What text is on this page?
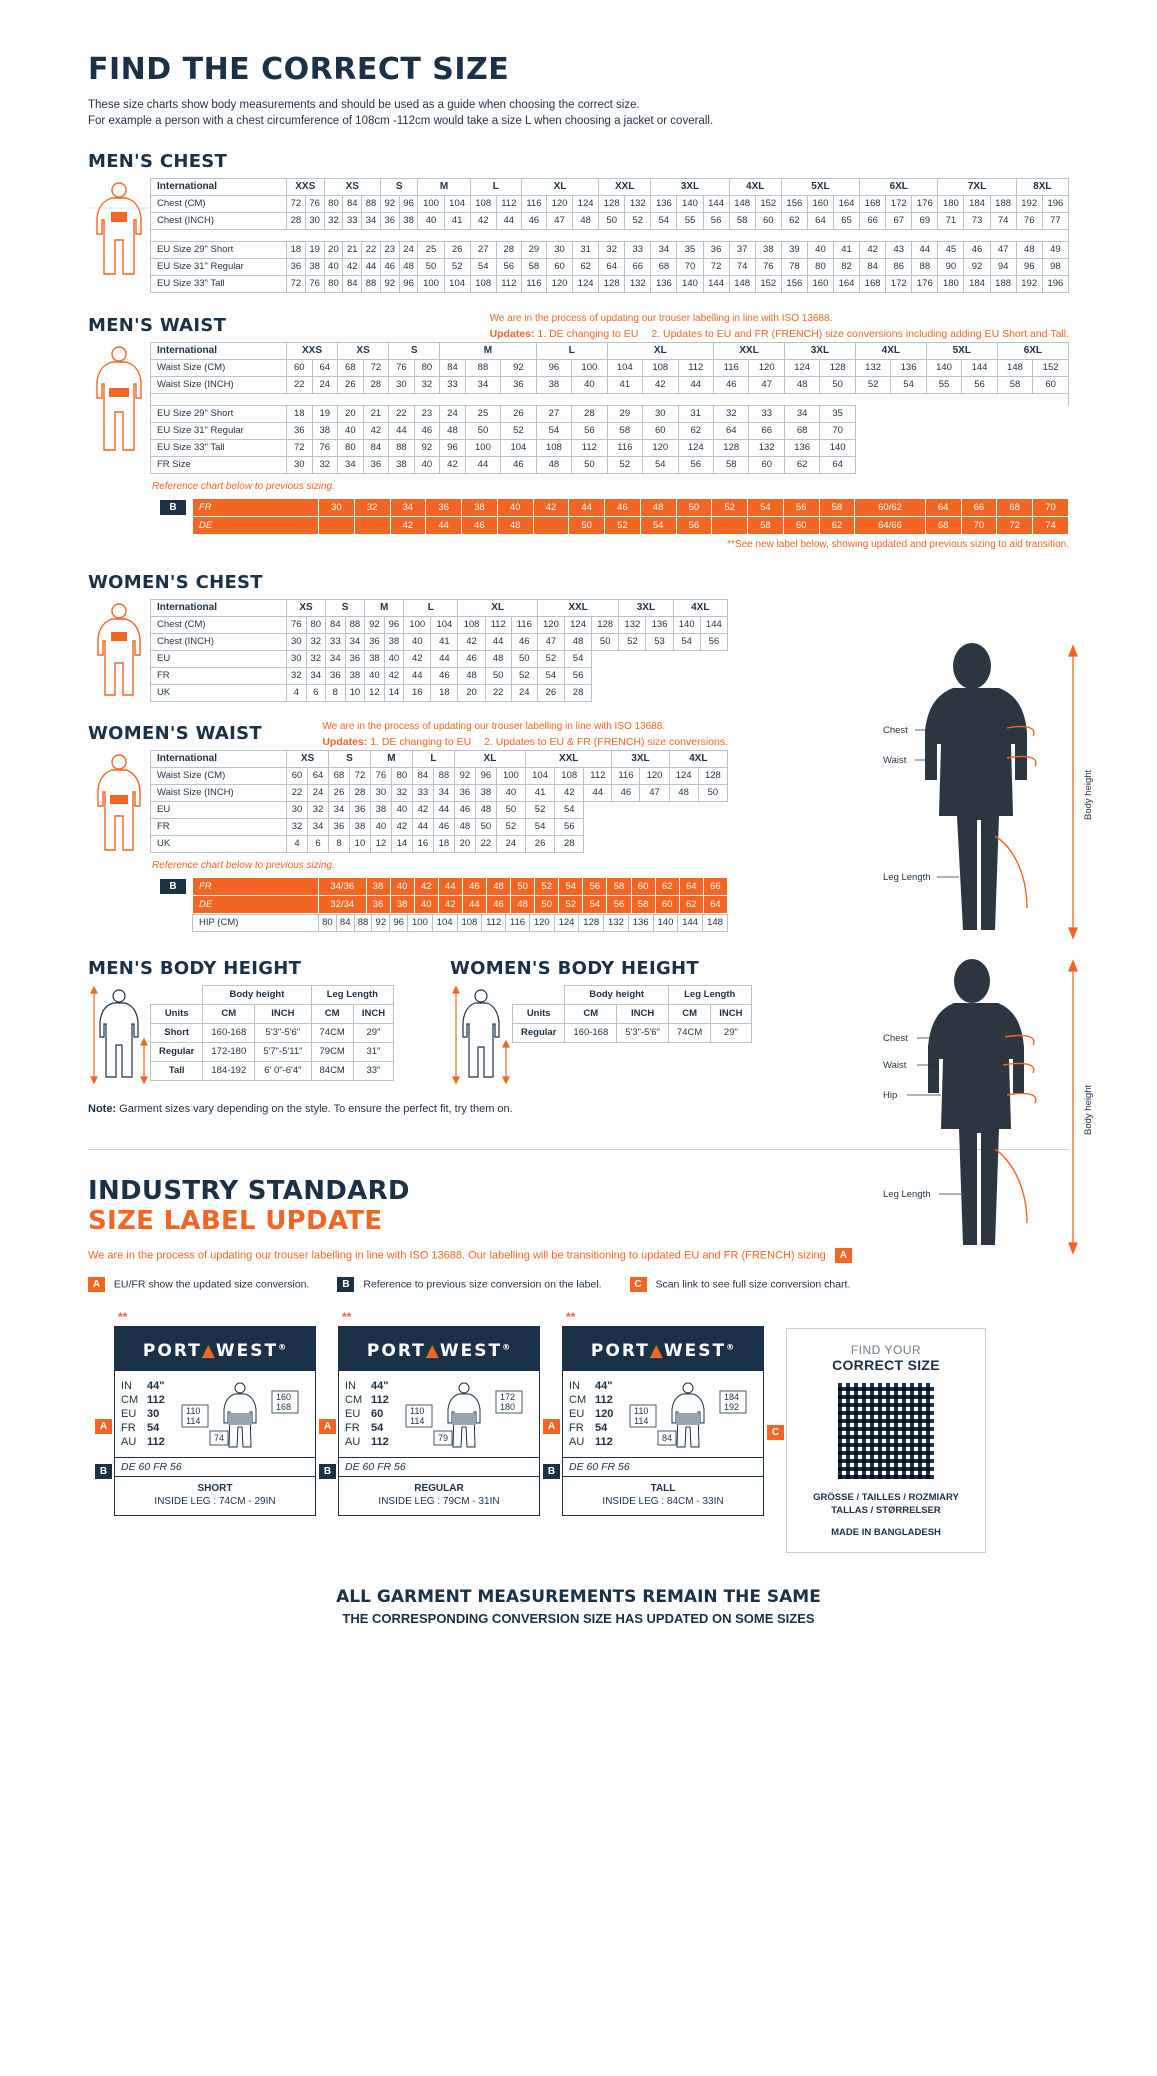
FIND THE CORRECT SIZE
These size charts show body measurements and should be used as a guide when choosing the correct size.
For example a person with a chest circumference of 108cm -112cm would take a size L when choosing a jacket or coverall.
MEN'S CHEST
International	XXS		XS			S		M		L		XL			XXL		3XL			4XL		5XL			6XL			7XL			8XL	
Chest (CM)	72	76	80	84	88	92	96	100	104	108	112	116	120	124	128	132	136	140	144	148	152	156	160	164	168	172	176	180	184	188	192	196
Chest (INCH)	28	30	32	33	34	36	38	40	41	42	44	46	47	48	50	52	54	55	56	58	60	62	64	65	66	67	69	71	73	74	76	77

EU Size 29" Short	18	19	20	21	22	23	24	25	26	27	28	29	30	31	32	33	34	35	36	37	38	39	40	41	42	43	44	45	46	47	48	49
EU Size 31" Regular	36	38	40	42	44	46	48	50	52	54	56	58	60	62	64	66	68	70	72	74	76	78	80	82	84	86	88	90	92	94	96	98
EU Size 33" Tall	72	76	80	84	88	92	96	100	104	108	112	116	120	124	128	132	136	140	144	148	152	156	160	164	168	172	176	180	184	188	192	196
MEN'S WAIST	We are in the process of updating our trouser labelling in line with ISO 13688.
Updates: 1. DE changing to EU 2. Updates to EU and FR (FRENCH) size conversions including adding EU Short and Tall.
International	XXS		XS		S		M			L		XL			XXL		3XL		4XL		5XL		6XL	
Waist Size (CM)	60	64	68	72	76	80	84	88	92	96	100	104	108	112	116	120	124	128	132	136	140	144	148	152
Waist Size (INCH)	22	24	26	28	30	32	33	34	36	38	40	41	42	44	46	47	48	50	52	54	55	56	58	60

EU Size 29" Short	18	19	20	21	22	23	24	25	26	27	28	29	30	31	32	33	34	35						
EU Size 31" Regular	36	38	40	42	44	46	48	50	52	54	56	58	60	62	64	66	68	70						
EU Size 33" Tall	72	76	80	84	88	92	96	100	104	108	112	116	120	124	128	132	136	140						
FR Size	30	32	34	36	38	40	42	44	46	48	50	52	54	56	58	60	62	64						
Reference chart below to previous sizing.
B	FR	30	32	34	36	38	40	42	44	46	48	50	52	54	56	58	60/62	64	66	68	70
DE			42	44	46	48		50	52	54	56		58	60	62	64/66	68	70	72	74
**See new label below, showing updated and previous sizing to aid transition.
WOMEN'S CHEST
International	XS		S		M		L		XL			XXL			3XL		4XL	
Chest (CM)	76	80	84	88	92	96	100	104	108	112	116	120	124	128	132	136	140	144
Chest (INCH)	30	32	33	34	36	38	40	41	42	44	46	47	48	50	52	53	54	56
EU	30	32	34	36	38	40	42	44	46	48	50	52	54					
FR	32	34	36	38	40	42	44	46	48	50	52	54	56					
UK	4	6	8	10	12	14	16	18	20	22	24	26	28					
WOMEN'S WAIST	We are in the process of updating our trouser labelling in line with ISO 13688.
Updates: 1. DE changing to EU 2. Updates to EU & FR (FRENCH) size conversions.
International	XS		S		M		L		XL			XXL			3XL		4XL	
Waist Size (CM)	60	64	68	72	76	80	84	88	92	96	100	104	108	112	116	120	124	128
Waist Size (INCH)	22	24	26	28	30	32	33	34	36	38	40	41	42	44	46	47	48	50
EU	30	32	34	36	38	40	42	44	46	48	50	52	54					
FR	32	34	36	38	40	42	44	46	48	50	52	54	56					
UK	4	6	8	10	12	14	16	18	20	22	24	26	28					
Reference chart below to previous sizing.
B	FR	34/36	38	40	42	44	46	48	50	52	54	56	58	60	62	64	66
DE	32/34	36	38	40	42	44	46	48	50	52	54	56	58	60	62	64
HIP (CM)	80	84	88	92	96	100	104	108	112	116	120	124	128	132	136	140	144	148
MEN'S BODY HEIGHT
	Body height		Leg Length	
Units	CM	INCH	CM	INCH
Short	160-168	5'3"-5'6"	74CM	29"
Regular	172-180	5'7"-5'11"	79CM	31"
Tall	184-192	6' 0"-6'4"	84CM	33"
WOMEN'S BODY HEIGHT
	Body height		Leg Length	
Units	CM	INCH	CM	INCH
Regular	160-168	5'3"-5'6"	74CM	29"
Note: Garment sizes vary depending on the style. To ensure the perfect fit, try them on.
INDUSTRY STANDARD
SIZE LABEL UPDATE
We are in the process of updating our trouser labelling in line with ISO 13688. Our labelling will be transitioning to updated EU and FR (FRENCH) sizing A
A EU/FR show the updated size conversion.	B Reference to previous size conversion on the label.	C Scan link to see full size conversion chart.
**
PORT▲WEST®
IN	44"
CM 112
EU 30
FR	54
AU 112
110
114
160
168
74
DE 60 FR 56
SHORT
INSIDE LEG : 74CM - 29IN
A
B
**
PORT▲WEST®
IN	44"
CM 112
EU 60
FR	54
AU 112
110
114
172
180
79
DE 60 FR 56
REGULAR
INSIDE LEG : 79CM - 31IN
A
B
**
PORT▲WEST®
IN	44"
CM 112
EU 120
FR	54
AU 112
110
114
184
192
84
DE 60 FR 56
TALL
INSIDE LEG : 84CM - 33IN
A
B
C
FIND YOUR
CORRECT SIZE
GRÖSSE / TAILLES / ROZMIARY TALLAS / STØRRELSER
MADE IN BANGLADESH
ALL GARMENT MEASUREMENTS REMAIN THE SAME
THE CORRESPONDING CONVERSION SIZE HAS UPDATED ON SOME SIZES
Chest
Waist
Leg Length
Body height
Chest
Waist
Hip
Leg Length
Body height
